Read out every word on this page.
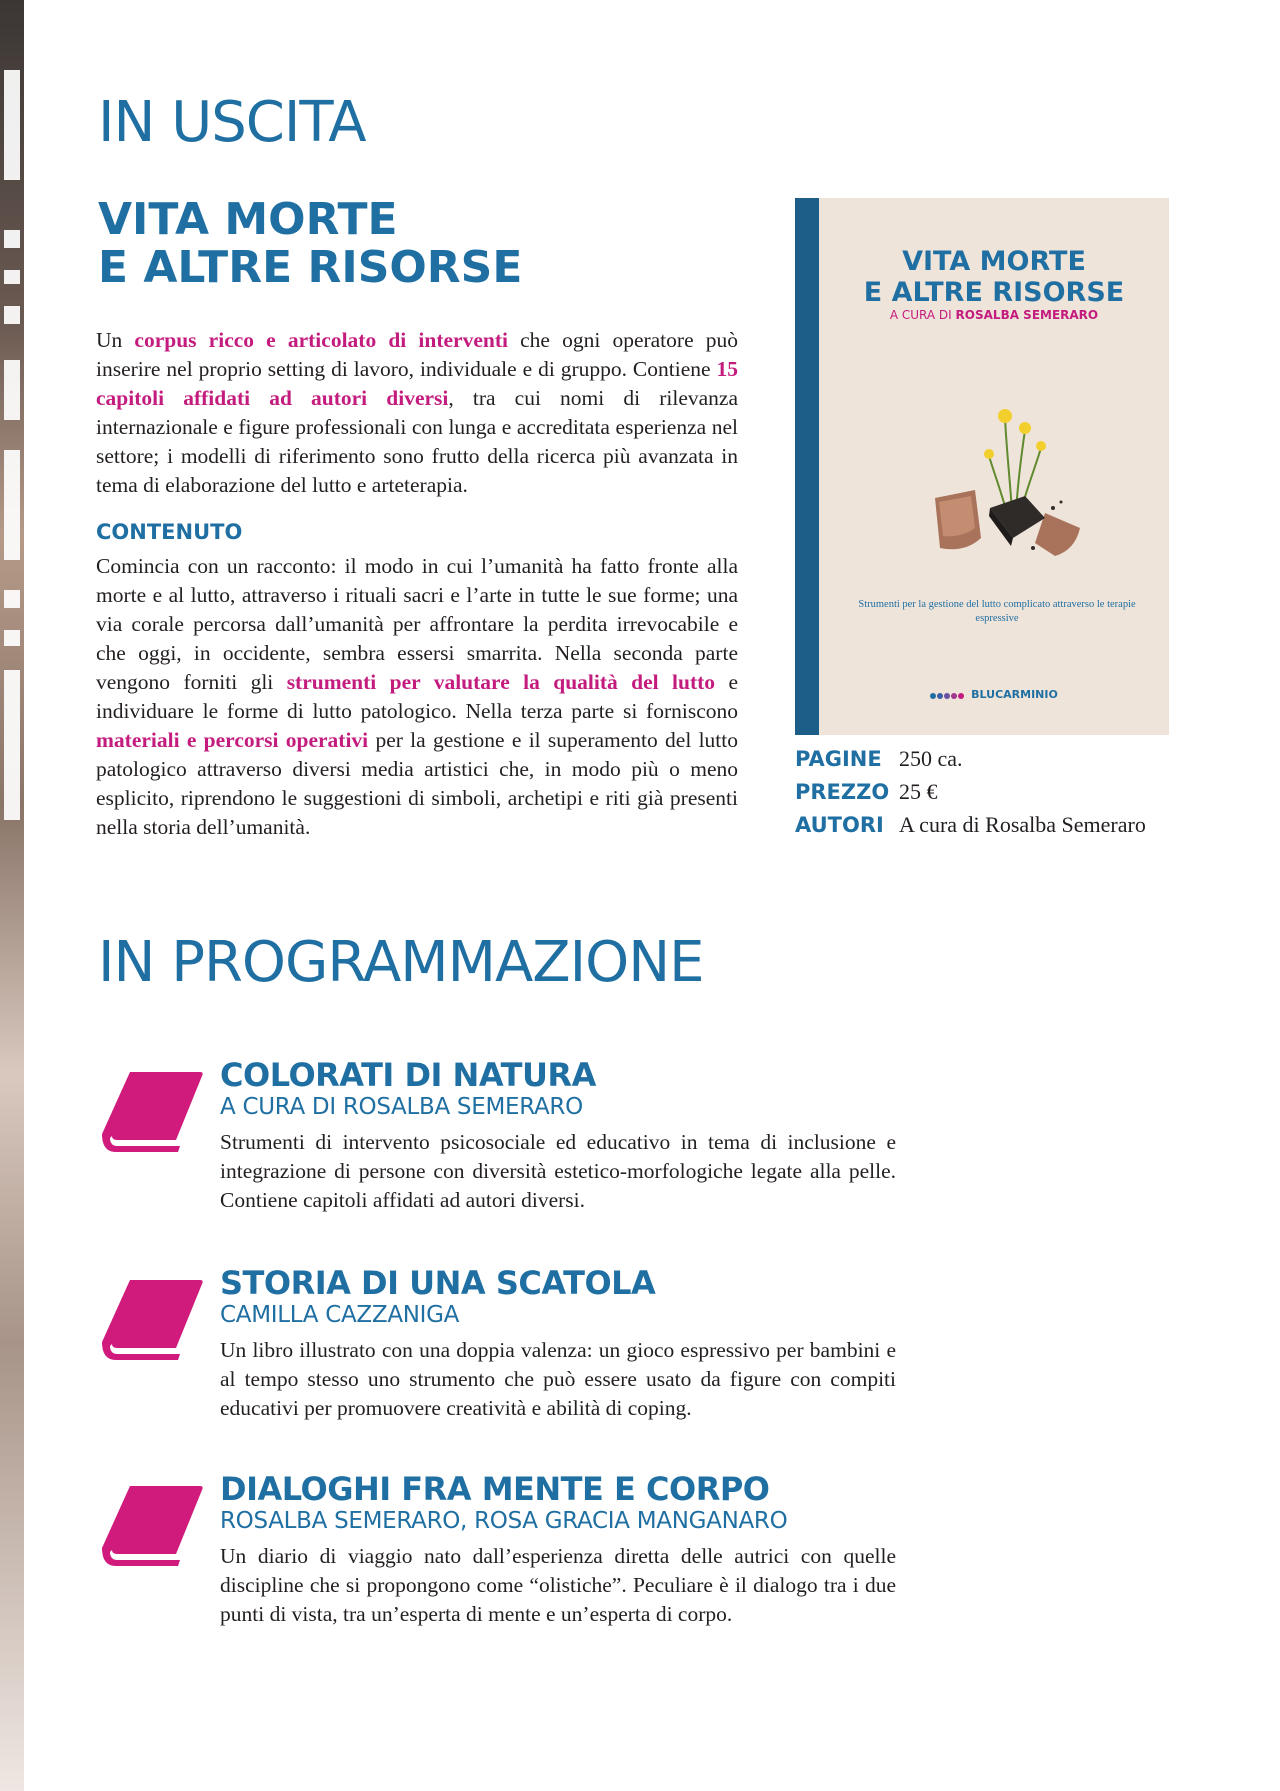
IN USCITA
VITA MORTE
E ALTRE RISORSE

Un corpus ricco e articolato di interventi che ogni operatore può inserire nel proprio setting di lavoro, individuale e di gruppo. Contiene 15 capitoli affidati ad autori diversi, tra cui nomi di rilevanza internazionale e figure professionali con lunga e accreditata esperienza nel settore; i modelli di riferimento sono frutto della ricerca più avanzata in tema di elaborazione del lutto e arteterapia.

CONTENUTO

Comincia con un racconto: il modo in cui l’umanità ha fatto fronte alla morte e al lutto, attraverso i rituali sacri e l’arte in tutte le sue forme; una via corale percorsa dall’umanità per affrontare la perdita irrevocabile e che oggi, in occidente, sembra essersi smarrita. Nella seconda parte vengono forniti gli strumenti per valutare la qualità del lutto e individuare le forme di lutto patologico. Nella terza parte si forniscono materiali e percorsi operativi per la gestione e il superamento del lutto patologico attraverso diversi media artistici che, in modo più o meno esplicito, riprendono le suggestioni di simboli, archetipi e riti già presenti nella storia dell’umanità.

VITA MORTE
E ALTRE RISORSE
A CURA DI ROSALBA SEMERARO
Strumenti per la gestione del lutto complicato attraverso le terapie espressive
BLUCARMINIO
PAGINE 250 ca.
PREZZO 25 €
AUTORI A cura di Rosalba Semeraro
IN PROGRAMMAZIONE
COLORATI DI NATURA
A CURA DI ROSALBA SEMERARO

Strumenti di intervento psicosociale ed educativo in tema di inclusione e integrazione di persone con diversità estetico-morfologiche legate alla pelle. Contiene capitoli affidati ad autori diversi.

STORIA DI UNA SCATOLA
CAMILLA CAZZANIGA

Un libro illustrato con una doppia valenza: un gioco espressivo per bambini e al tempo stesso uno strumento che può essere usato da figure con compiti educativi per promuovere creatività e abilità di coping.

DIALOGHI FRA MENTE E CORPO
ROSALBA SEMERARO, ROSA GRACIA MANGANARO

Un diario di viaggio nato dall’esperienza diretta delle autrici con quelle discipline che si propongono come “olistiche”. Peculiare è il dialogo tra i due punti di vista, tra un’esperta di mente e un’esperta di corpo.
